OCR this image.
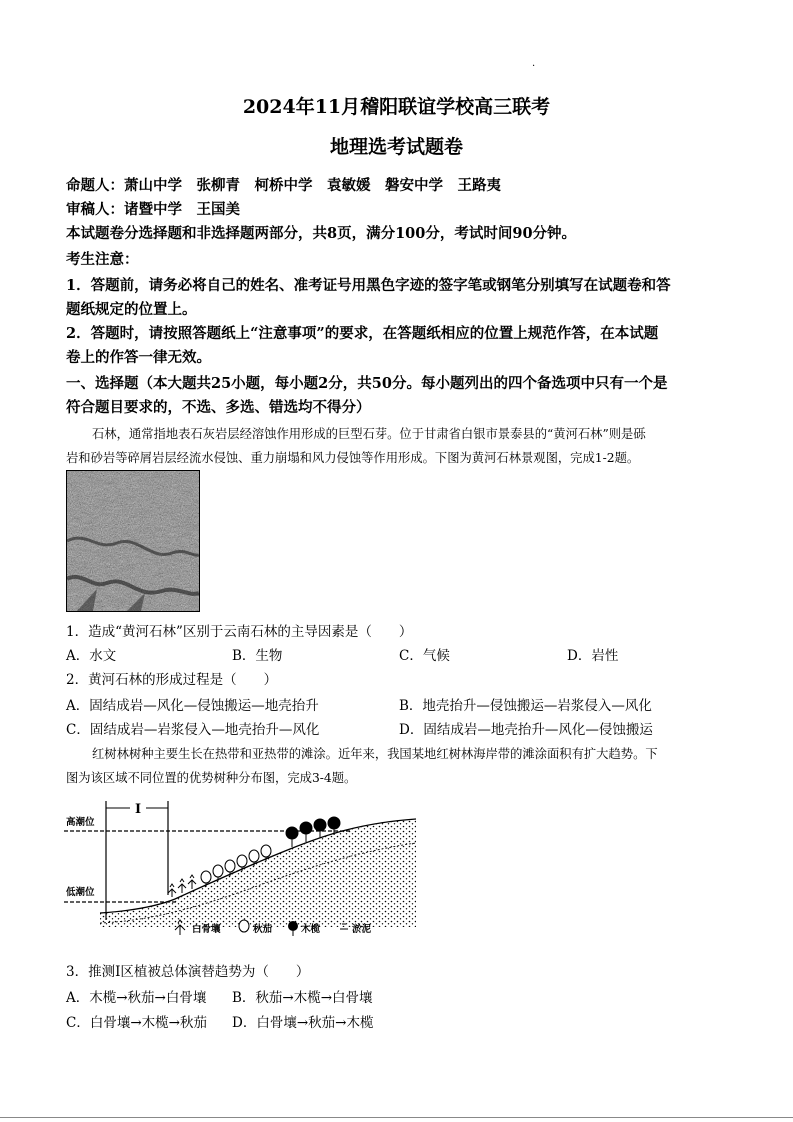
.
2024年11月稽阳联谊学校高三联考
地理选考试题卷
命题人：萧山中学　张柳青　柯桥中学　袁敏媛　磐安中学　王路夷
审稿人：诸暨中学　王国美
本试题卷分选择题和非选择题两部分，共8页，满分100分，考试时间90分钟。
考生注意：
1．答题前，请务必将自己的姓名、准考证号用黑色字迹的签字笔或钢笔分别填写在试题卷和答
题纸规定的位置上。
2．答题时，请按照答题纸上“注意事项”的要求，在答题纸相应的位置上规范作答，在本试题
卷上的作答一律无效。
一、选择题（本大题共25小题，每小题2分，共50分。每小题列出的四个备选项中只有一个是
符合题目要求的，不选、多选、错选均不得分）
石林，通常指地表石灰岩层经溶蚀作用形成的巨型石芽。位于甘肃省白银市景泰县的“黄河石林”则是砾
岩和砂岩等碎屑岩层经流水侵蚀、重力崩塌和风力侵蚀等作用形成。下图为黄河石林景观图，完成1-2题。
1．造成“黄河石林”区别于云南石林的主导因素是（　　）
A．水文	B．生物	C．气候	D．岩性
2．黄河石林的形成过程是（　　）
A．固结成岩—风化—侵蚀搬运—地壳抬升	B．地壳抬升—侵蚀搬运—岩浆侵入—风化
C．固结成岩—岩浆侵入—地壳抬升—风化	D．固结成岩—地壳抬升—风化—侵蚀搬运
红树林树种主要生长在热带和亚热带的滩涂。近年来，我国某地红树林海岸带的滩涂面积有扩大趋势。下
图为该区域不同位置的优势树种分布图，完成3-4题。
I
高潮位
低潮位
白骨壤	秋茄	木榄	淤泥
3．推测Ⅰ区植被总体演替趋势为（　　）
A．木榄→秋茄→白骨壤 B．秋茄→木榄→白骨壤
C．白骨壤→木榄→秋茄 D．白骨壤→秋茄→木榄
